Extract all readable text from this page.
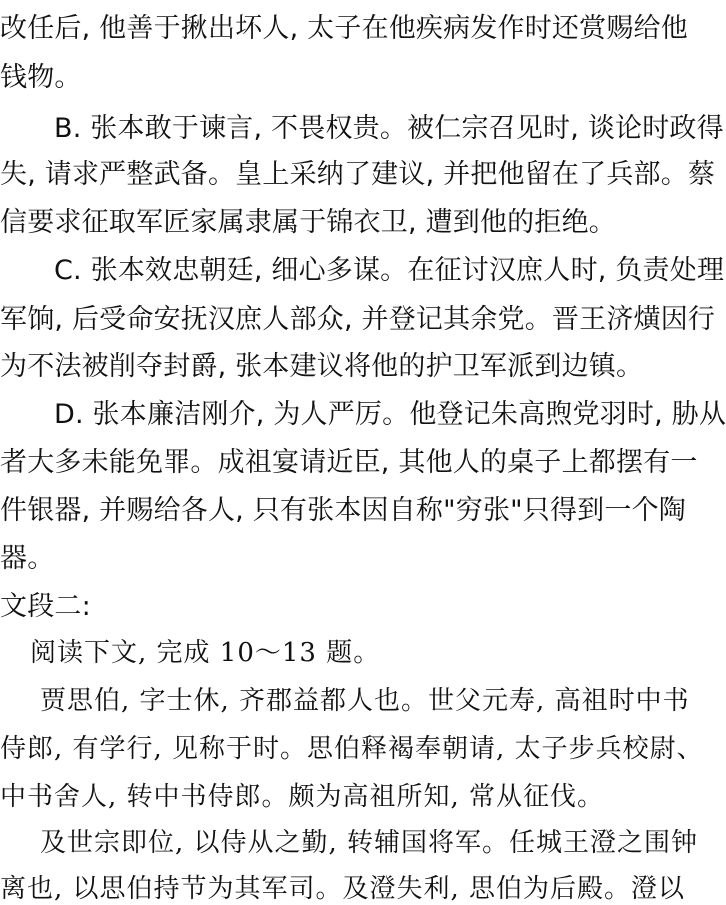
改任后, 他善于揪出坏人, 太子在他疾病发作时还赏赐给他
钱物。
B. 张本敢于谏言, 不畏权贵。被仁宗召见时, 谈论时政得
失, 请求严整武备。皇上采纳了建议, 并把他留在了兵部。蔡
信要求征取军匠家属隶属于锦衣卫, 遭到他的拒绝。
C. 张本效忠朝廷, 细心多谋。在征讨汉庶人时, 负责处理
军饷, 后受命安抚汉庶人部众, 并登记其余党。晋王济熿因行
为不法被削夺封爵, 张本建议将他的护卫军派到边镇。
D. 张本廉洁刚介, 为人严厉。他登记朱高煦党羽时, 胁从
者大多未能免罪。成祖宴请近臣, 其他人的桌子上都摆有一
件银器, 并赐给各人, 只有张本因自称"穷张"只得到一个陶
器。
文段二:
阅读下文, 完成 10～13 题。
贾思伯, 字士休, 齐郡益都人也。世父元寿, 高祖时中书
侍郎, 有学行, 见称于时。思伯释褐奉朝请, 太子步兵校尉、
中书舍人, 转中书侍郎。颇为高祖所知, 常从征伐。
及世宗即位, 以侍从之勤, 转辅国将军。任城王澄之围钟
离也, 以思伯持节为其军司。及澄失利, 思伯为后殿。澄以
